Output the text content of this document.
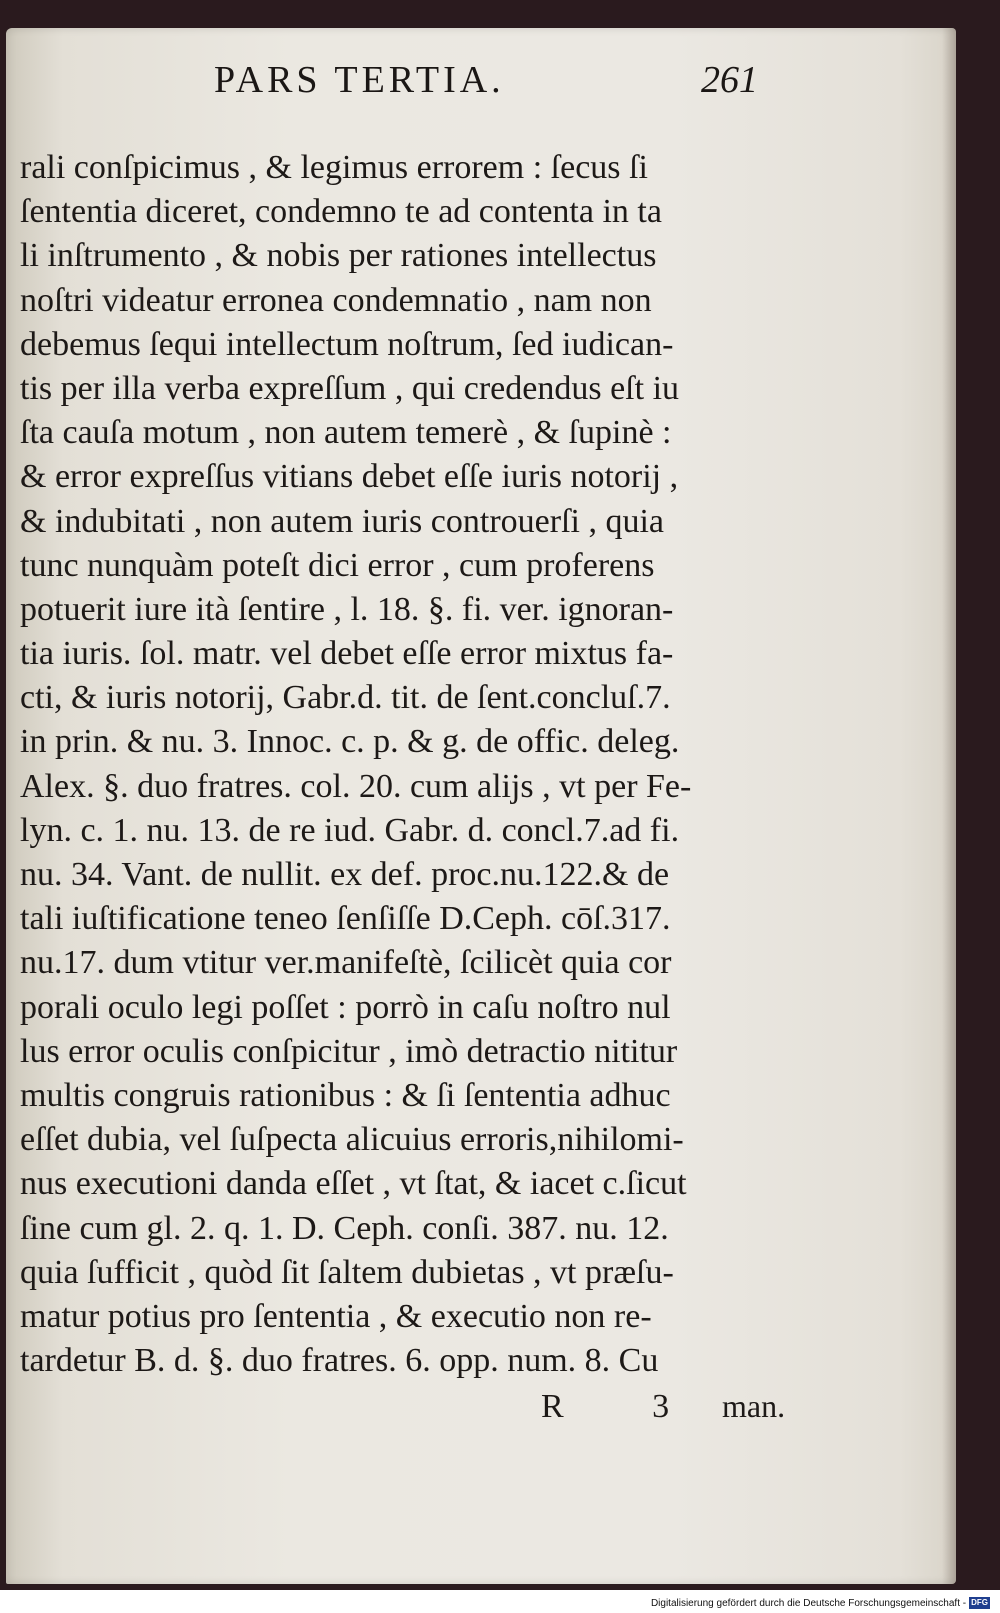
PARS TERTIA.	261
rali conſpicimus , & legimus errorem : ſecus ſi
ſententia diceret, condemno te ad contenta in ta
li inſtrumento , & nobis per rationes intellectus
noſtri videatur erronea condemnatio , nam non
debemus ſequi intellectum noſtrum, ſed iudican-
tis per illa verba expreſſum , qui credendus eſt iu
ſta cauſa motum , non autem temerè , & ſupinè :
& error expreſſus vitians debet eſſe iuris notorij ,
& indubitati , non autem iuris controuerſi , quia
tunc nunquàm poteſt dici error , cum proferens
potuerit iure ità ſentire , l. 18. §. fi. ver. ignoran-
tia iuris. ſol. matr. vel debet eſſe error mixtus fa-
cti, & iuris notorij, Gabr.d. tit. de ſent.concluſ.7.
in prin. & nu. 3. Innoc. c. p. & g. de offic. deleg.
Alex. §. duo fratres. col. 20. cum alijs , vt per Fe-
lyn. c. 1. nu. 13. de re iud. Gabr. d. concl.7.ad fi.
nu. 34. Vant. de nullit. ex def. proc.nu.122.& de
tali iuſtificatione teneo ſenſiſſe D.Ceph. cōſ.317.
nu.17. dum vtitur ver.manifeſtè, ſcilicèt quia cor
porali oculo legi poſſet : porrò in caſu noſtro nul
lus error oculis conſpicitur , imò detractio nititur
multis congruis rationibus : & ſi ſententia adhuc
eſſet dubia, vel ſuſpecta alicuius erroris,nihilomi-
nus executioni danda eſſet , vt ſtat, & iacet c.ſicut
ſine cum gl. 2. q. 1. D. Ceph. conſi. 387. nu. 12.
quia ſufficit , quòd ſit ſaltem dubietas , vt præſu-
matur potius pro ſententia , & executio non re-
tardetur B. d. §. duo fratres. 6. opp. num. 8. Cu
R 3 man.
Digitalisierung gefördert durch die Deutsche Forschungsgemeinschaft - DFG
